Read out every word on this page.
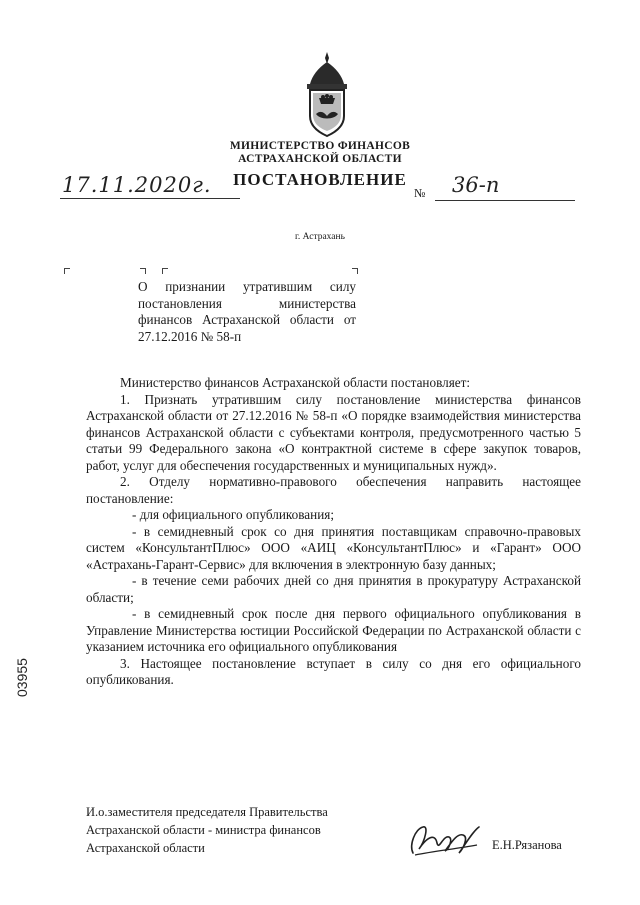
МИНИСТЕРСТВО ФИНАНСОВ
АСТРАХАНСКОЙ ОБЛАСТИ
ПОСТАНОВЛЕНИЕ
17.11.2020г.	№ 36-п
г. Астрахань
О признании утратившим силу постановления министерства финансов Астраханской области от 27.12.2016 № 58-п

Министерство финансов Астраханской области постановляет:

1. Признать утратившим силу постановление министерства финансов Астраханской области от 27.12.2016 № 58-п «О порядке взаимодействия министерства финансов Астраханской области с субъектами контроля, предусмотренного частью 5 статьи 99 Федерального закона «О контрактной системе в сфере закупок товаров, работ, услуг для обеспечения государственных и муниципальных нужд».

2. Отделу нормативно-правового обеспечения направить настоящее постановление:

- для официального опубликования;

- в семидневный срок со дня принятия поставщикам справочно-правовых систем «КонсультантПлюс» ООО «АИЦ «КонсультантПлюс» и «Гарант» ООО «Астрахань-Гарант-Сервис» для включения в электронную базу данных;

- в течение семи рабочих дней со дня принятия в прокуратуру Астраханской области;

- в семидневный срок после дня первого официального опубликования в Управление Министерства юстиции Российской Федерации по Астраханской области с указанием источника его официального опубликования

3. Настоящее постановление вступает в силу со дня его официального опубликования.

И.о.заместителя председателя Правительства
Астраханской области - министра финансов
Астраханской области	Е.Н.Рязанова
03955
